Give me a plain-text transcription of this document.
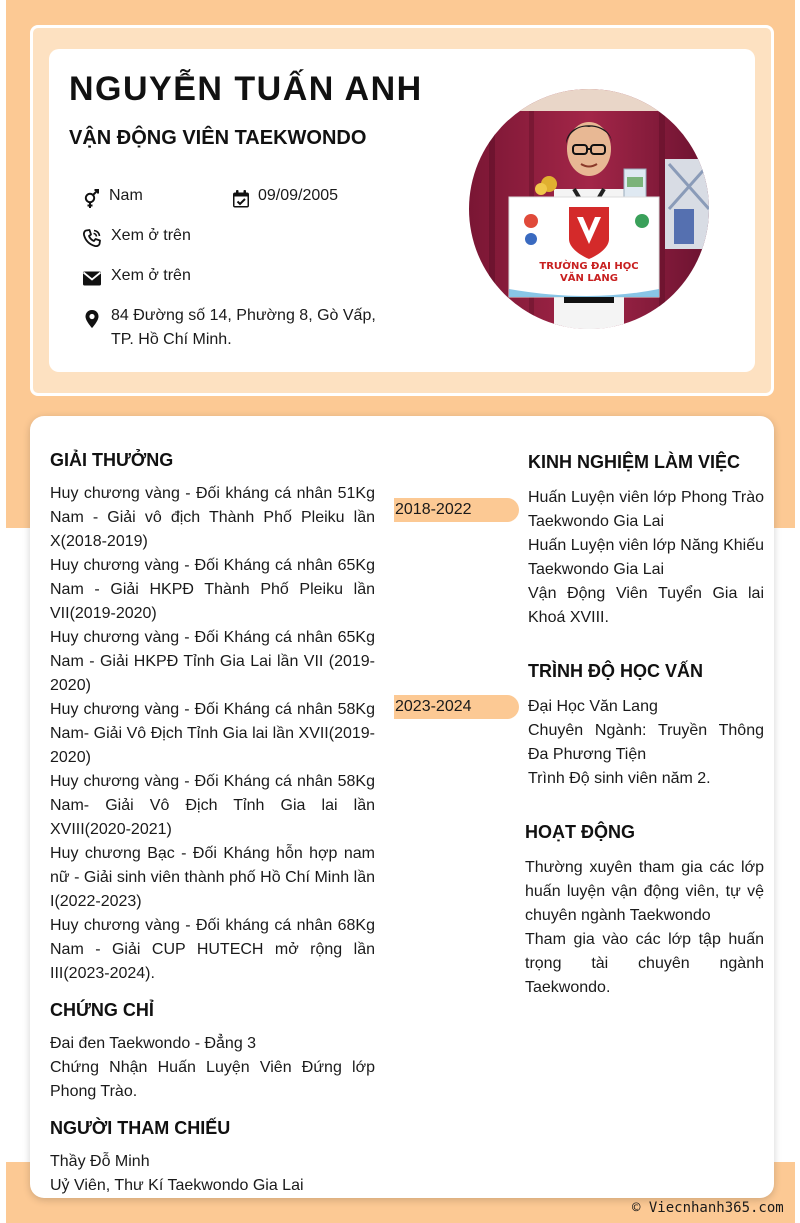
NGUYỄN TUẤN ANH
VẬN ĐỘNG VIÊN TAEKWONDO
Nam	09/09/2005
Xem ở trên
Xem ở trên
84 Đường số 14, Phường 8, Gò Vấp,
TP. Hồ Chí Minh.
TRƯỜNG ĐẠI HỌC
VĂN LANG
GIẢI THƯỞNG

Huy chương vàng - Đối kháng cá nhân 51Kg Nam - Giải vô địch Thành Phố Pleiku lần X(2018-2019)

Huy chương vàng - Đối Kháng cá nhân 65Kg Nam - Giải HKPĐ Thành Phố Pleiku lần VII(2019-2020)

Huy chương vàng - Đối Kháng cá nhân 65Kg Nam - Giải HKPĐ Tỉnh Gia Lai lần VII (2019-2020)

Huy chương vàng - Đối Kháng cá nhân 58Kg Nam- Giải Vô Địch Tỉnh Gia lai lần XVII(2019-2020)

Huy chương vàng - Đối Kháng cá nhân 58Kg Nam- Giải Vô Địch Tỉnh Gia lai lần XVIII(2020-2021)

Huy chương Bạc - Đối Kháng hỗn hợp nam nữ - Giải sinh viên thành phố Hồ Chí Minh lần I(2022-2023)

Huy chương vàng - Đối kháng cá nhân 68Kg Nam - Giải CUP HUTECH mở rộng lần III(2023-2024).

CHỨNG CHỈ

Đai đen Taekwondo - Đẳng 3

Chứng Nhận Huấn Luyện Viên Đứng lớp Phong Trào.

NGƯỜI THAM CHIẾU

Thầy Đỗ Minh

Uỷ Viên, Thư Kí Taekwondo Gia Lai

KINH NGHIỆM LÀM VIỆC
2018-2022

Huấn Luyện viên lớp Phong Trào Taekwondo Gia Lai

Huấn Luyện viên lớp Năng Khiếu Taekwondo Gia Lai

Vận Động Viên Tuyển Gia lai Khoá XVIII.

TRÌNH ĐỘ HỌC VẤN
2023-2024	Đại Học Văn Lang

Chuyên Ngành: Truyền Thông Đa Phương Tiện

Trình Độ sinh viên năm 2.

HOẠT ĐỘNG

Thường xuyên tham gia các lớp huấn luyện vận động viên, tự vệ chuyên ngành Taekwondo

Tham gia vào các lớp tập huấn trọng tài chuyên ngành Taekwondo.

© Viecnhanh365.com
